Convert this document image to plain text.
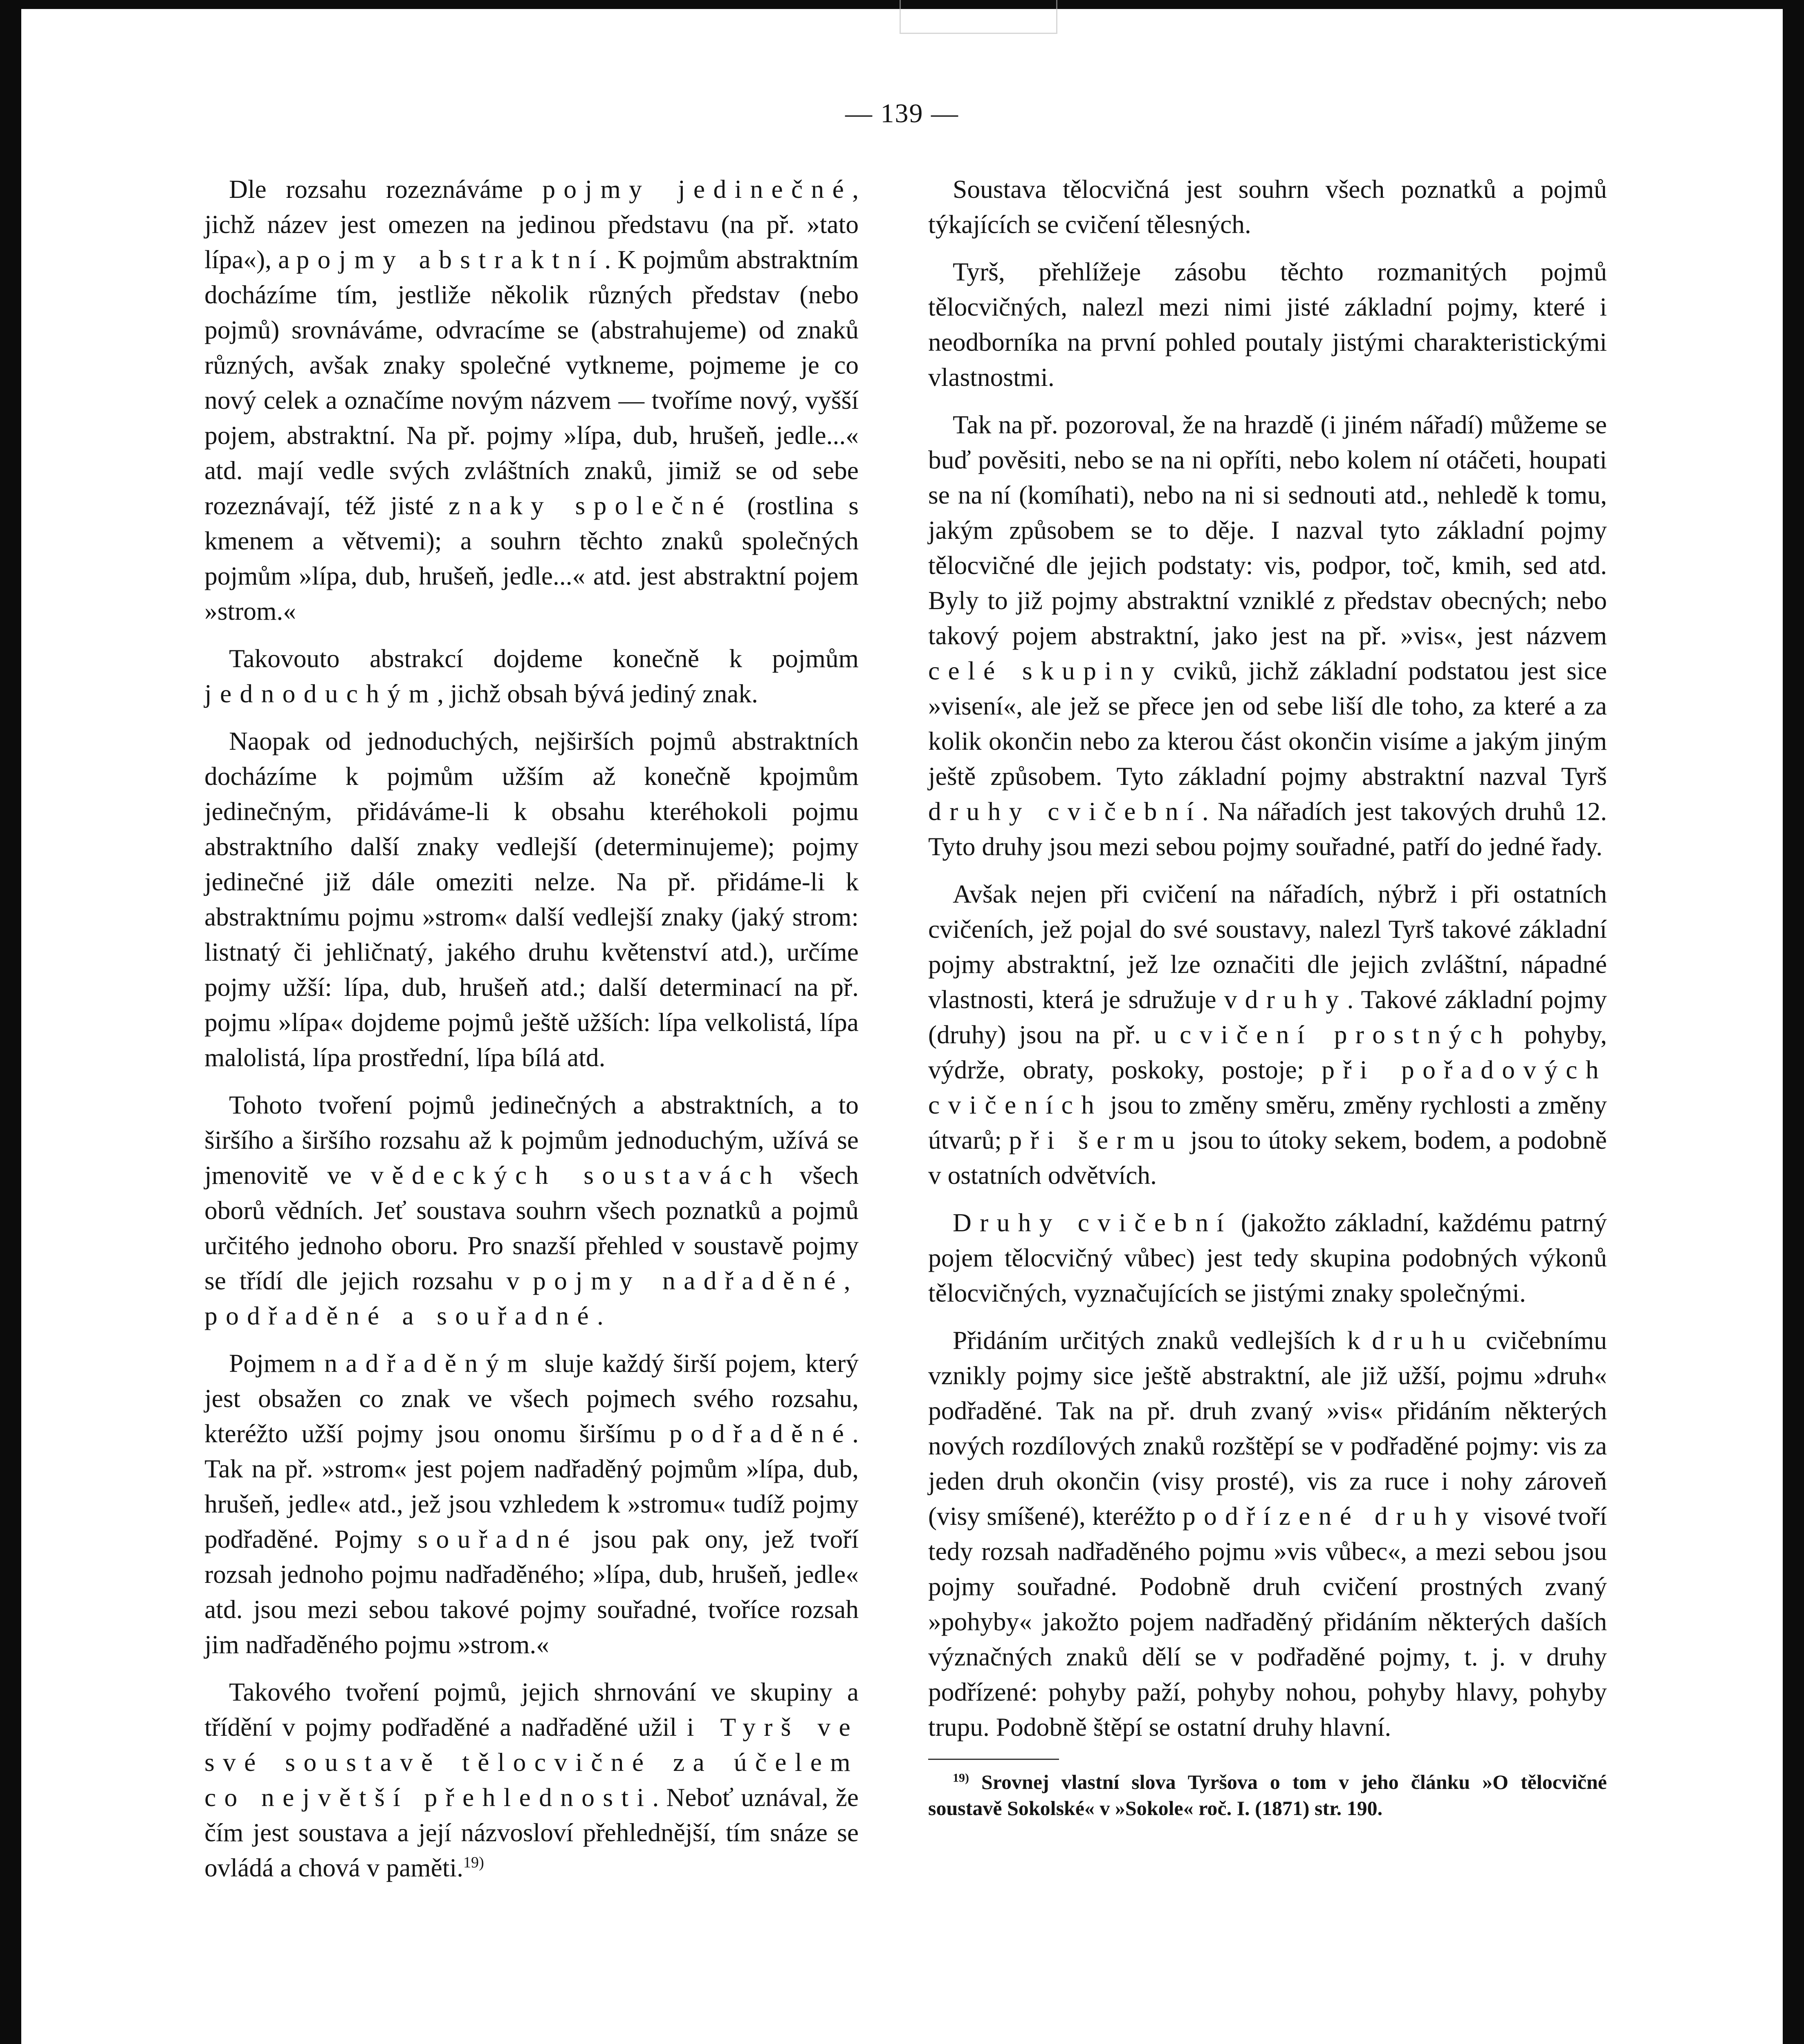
— 139 —

Dle rozsahu rozeznáváme pojmy jedinečné, jichž název jest omezen na jedinou představu (na př. »tato lípa«), a pojmy abstraktní. K pojmům abstraktním docházíme tím, jestliže několik různých představ (nebo pojmů) srovnáváme, odvracíme se (abstrahujeme) od znaků různých, avšak znaky společné vytkneme, pojmeme je co nový celek a označíme novým názvem — tvoříme nový, vyšší pojem, abstraktní. Na př. pojmy »lípa, dub, hrušeň, jedle...« atd. mají vedle svých zvláštních znaků, jimiž se od sebe rozeznávají, též jisté znaky společné (rostlina s kmenem a větvemi); a souhrn těchto znaků společných pojmům »lípa, dub, hrušeň, jedle...« atd. jest abstraktní pojem »strom.«

Takovouto abstrakcí dojdeme konečně k pojmům jednoduchým, jichž obsah bývá jediný znak.

Naopak od jednoduchých, nejširších pojmů abstraktních docházíme k pojmům užším až konečně kpojmům jedinečným, přidáváme-li k obsahu kteréhokoli pojmu abstraktního další znaky vedlejší (determinujeme); pojmy jedinečné již dále omeziti nelze. Na př. přidáme-li k abstraktnímu pojmu »strom« další vedlejší znaky (jaký strom: listnatý či jehličnatý, jakého druhu květenství atd.), určíme pojmy užší: lípa, dub, hrušeň atd.; další determinací na př. pojmu »lípa« dojdeme pojmů ještě užších: lípa velkolistá, lípa malolistá, lípa prostřední, lípa bílá atd.

Tohoto tvoření pojmů jedinečných a abstraktních, a to širšího a širšího rozsahu až k pojmům jednoduchým, užívá se jmenovitě ve vědeckých soustavách všech oborů vědních. Jeť soustava souhrn všech poznatků a pojmů určitého jednoho oboru. Pro snazší přehled v soustavě pojmy se třídí dle jejich rozsahu v pojmy nadřaděné, podřaděné a souřadné.

Pojmem nadřaděným sluje každý širší pojem, který jest obsažen co znak ve všech pojmech svého rozsahu, kteréžto užší pojmy jsou onomu širšímu podřaděné. Tak na př. »strom« jest pojem nadřaděný pojmům »lípa, dub, hrušeň, jedle« atd., jež jsou vzhledem k »stromu« tudíž pojmy podřaděné. Pojmy souřadné jsou pak ony, jež tvoří rozsah jednoho pojmu nadřaděného; »lípa, dub, hrušeň, jedle« atd. jsou mezi sebou takové pojmy souřadné, tvoříce rozsah jim nadřaděného pojmu »strom.«

Takového tvoření pojmů, jejich shrnování ve skupiny a třídění v pojmy podřaděné a nadřaděné užil i Tyrš ve své soustavě tělocvičné za účelem co největší přehlednosti. Neboť uznával, že čím jest soustava a její názvosloví přehlednější, tím snáze se ovládá a chová v paměti.$^{19)}$

Soustava tělocvičná jest souhrn všech poznatků a pojmů týkajících se cvičení tělesných.

Tyrš, přehlížeje zásobu těchto rozmanitých pojmů tělocvičných, nalezl mezi nimi jisté základní pojmy, které i neodborníka na první pohled poutaly jistými charakteristickými vlastnostmi.

Tak na př. pozoroval, že na hrazdě (i jiném nářadí) můžeme se buď pověsiti, nebo se na ni opříti, nebo kolem ní otáčeti, houpati se na ní (komíhati), nebo na ni si sednouti atd., nehledě k tomu, jakým způsobem se to děje. I nazval tyto základní pojmy tělocvičné dle jejich podstaty: vis, podpor, toč, kmih, sed atd. Byly to již pojmy abstraktní vzniklé z představ obecných; nebo takový pojem abstraktní, jako jest na př. »vis«, jest názvem celé skupiny cviků, jichž základní podstatou jest sice »visení«, ale jež se přece jen od sebe liší dle toho, za které a za kolik okončin nebo za kterou část okončin visíme a jakým jiným ještě způsobem. Tyto základní pojmy abstraktní nazval Tyrš druhy cvičební. Na nářadích jest takových druhů 12. Tyto druhy jsou mezi sebou pojmy souřadné, patří do jedné řady.

Avšak nejen při cvičení na nářadích, nýbrž i při ostatních cvičeních, jež pojal do své soustavy, nalezl Tyrš takové základní pojmy abstraktní, jež lze označiti dle jejich zvláštní, nápadné vlastnosti, která je sdružuje v druhy. Takové základní pojmy (druhy) jsou na př. u cvičení prostných pohyby, výdrže, obraty, poskoky, postoje; při pořadových cvičeních jsou to změny směru, změny rychlosti a změny útvarů; při šermu jsou to útoky sekem, bodem, a podobně v ostatních odvětvích.

Druhy cvičební (jakožto základní, každému patrný pojem tělocvičný vůbec) jest tedy skupina podobných výkonů tělocvičných, vyznačujících se jistými znaky společnými.

Přidáním určitých znaků vedlejších k druhu cvičebnímu vznikly pojmy sice ještě abstraktní, ale již užší, pojmu »druh« podřaděné. Tak na př. druh zvaný »vis« přidáním některých nových rozdílových znaků rozštěpí se v podřaděné pojmy: vis za jeden druh okončin (visy prosté), vis za ruce i nohy zároveň (visy smíšené), kteréžto podřízené druhy visové tvoří tedy rozsah nadřaděného pojmu »vis vůbec«, a mezi sebou jsou pojmy souřadné. Podobně druh cvičení prostných zvaný »pohyby« jakožto pojem nadřaděný přidáním některých daších význačných znaků dělí se v podřaděné pojmy, t. j. v druhy podřízené: pohyby paží, pohyby nohou, pohyby hlavy, pohyby trupu. Podobně štěpí se ostatní druhy hlavní.

$^{19)}$ Srovnej vlastní slova Tyršova o tom v jeho článku »O tělocvičné soustavě Sokolské« v »Sokole« roč. I. (1871) str. 190.
